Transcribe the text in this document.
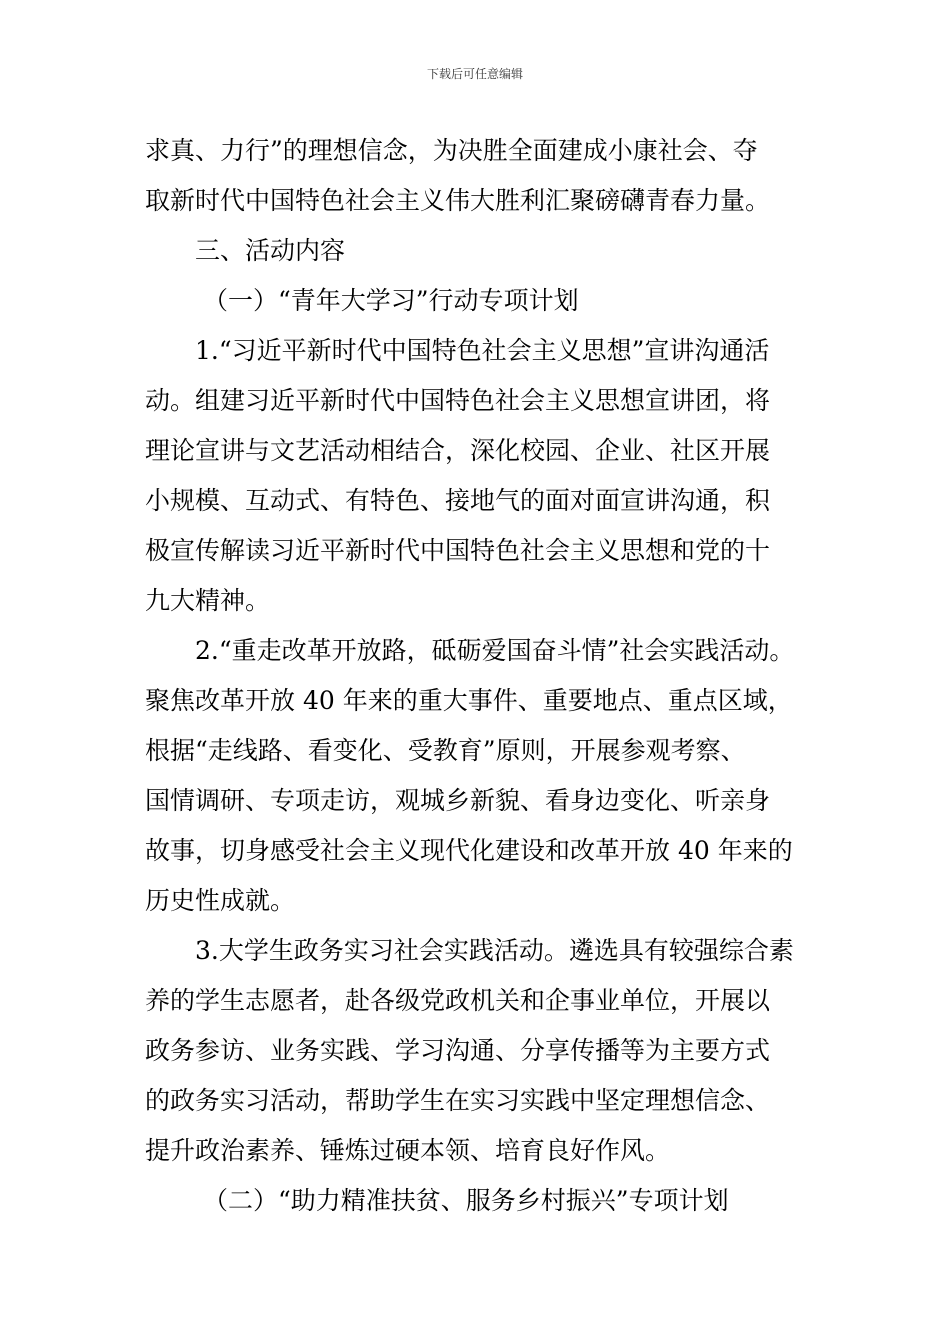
下载后可任意编辑
求真、力行”的理想信念，为决胜全面建成小康社会、夺
取新时代中国特色社会主义伟大胜利汇聚磅礴青春力量。
三、活动内容
（一）“青年大学习”行动专项计划
1.“习近平新时代中国特色社会主义思想”宣讲沟通活
动。组建习近平新时代中国特色社会主义思想宣讲团，将
理论宣讲与文艺活动相结合，深化校园、企业、社区开展
小规模、互动式、有特色、接地气的面对面宣讲沟通，积
极宣传解读习近平新时代中国特色社会主义思想和党的十
九大精神。
2.“重走改革开放路，砥砺爱国奋斗情”社会实践活动。
聚焦改革开放 40 年来的重大事件、重要地点、重点区域，
根据“走线路、看变化、受教育”原则，开展参观考察、
国情调研、专项走访，观城乡新貌、看身边变化、听亲身
故事，切身感受社会主义现代化建设和改革开放 40 年来的
历史性成就。
3.大学生政务实习社会实践活动。遴选具有较强综合素
养的学生志愿者，赴各级党政机关和企事业单位，开展以
政务参访、业务实践、学习沟通、分享传播等为主要方式
的政务实习活动，帮助学生在实习实践中坚定理想信念、
提升政治素养、锤炼过硬本领、培育良好作风。
（二）“助力精准扶贫、服务乡村振兴”专项计划
